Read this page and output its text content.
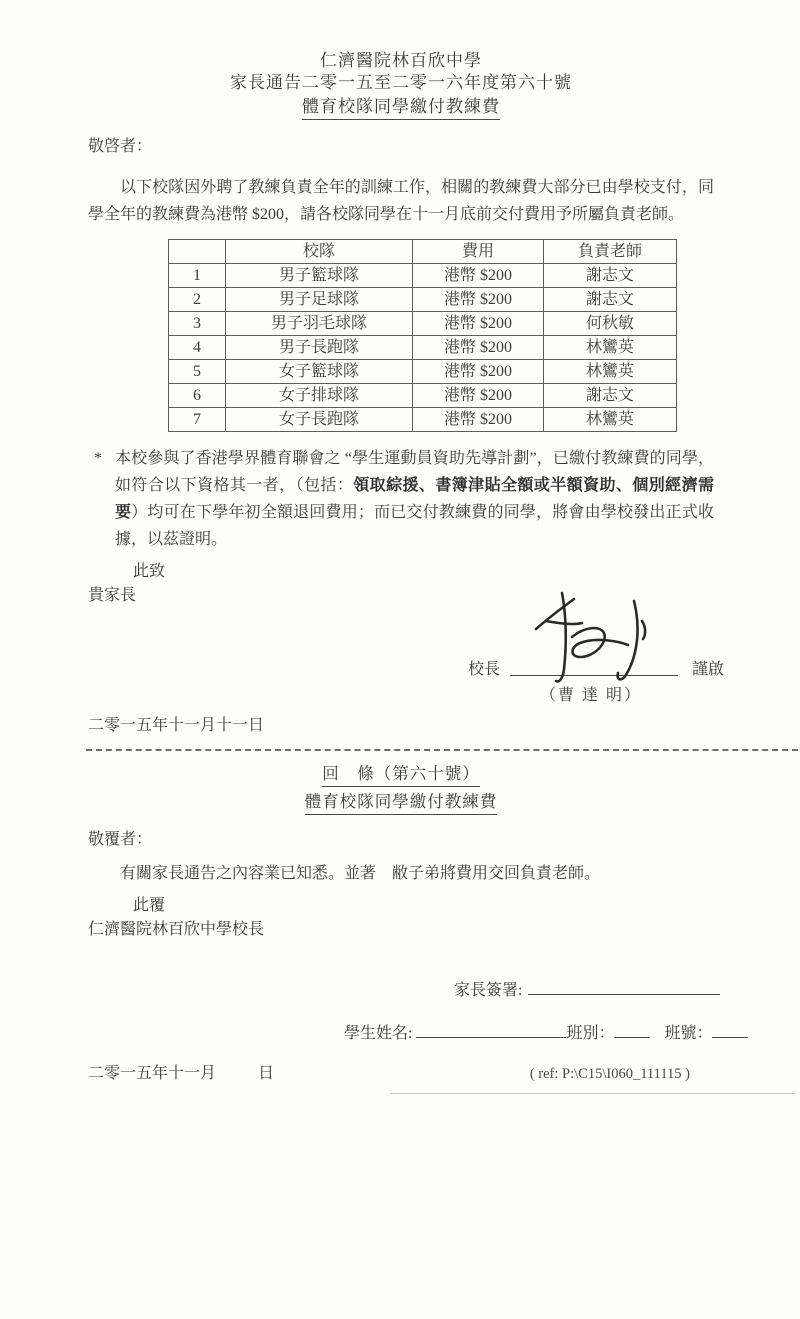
仁濟醫院林百欣中學
家長通告二零一五至二零一六年度第六十號
體育校隊同學繳付教練費
敬啓者：
以下校隊因外聘了教練負責全年的訓練工作，相關的教練費大部分已由學校支付，同學全年的教練費為港幣 $200，請各校隊同學在十一月底前交付費用予所屬負責老師。
	校隊	費用	負責老師
1	男子籃球隊	港幣 $200	謝志文
2	男子足球隊	港幣 $200	謝志文
3	男子羽毛球隊	港幣 $200	何秋敏
4	男子長跑隊	港幣 $200	林鸞英
5	女子籃球隊	港幣 $200	林鸞英
6	女子排球隊	港幣 $200	謝志文
7	女子長跑隊	港幣 $200	林鸞英
* 本校參與了香港學界體育聯會之 “學生運動員資助先導計劃”，已繳付教練費的同學，如符合以下資格其一者，（包括：領取綜援、書簿津貼全額或半額資助、個別經濟需要）均可在下學年初全額退回費用；而已交付教練費的同學，將會由學校發出正式收據，以茲證明。
此致
貴家長
校長	謹啟
（曹 達 明）
二零一五年十一月十一日
回　條（第六十號）
體育校隊同學繳付教練費
敬覆者：
有關家長通告之內容業已知悉。並著　敝子弟將費用交回負責老師。
此覆
仁濟醫院林百欣中學校長
家長簽署:
學生姓名:	班別：	班號：
二零一五年十一月	日	( ref: P:\C15\I060_111115 )
